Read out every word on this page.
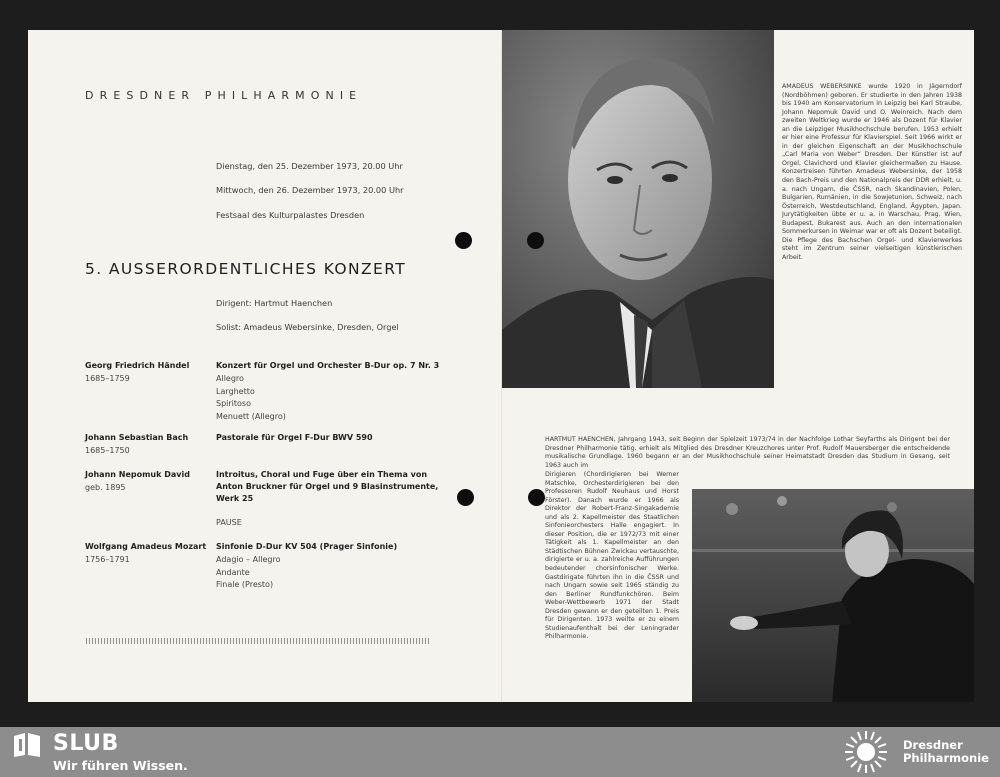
DRESDNER PHILHARMONIE
Dienstag, den 25. Dezember 1973, 20.00 Uhr
Mittwoch, den 26. Dezember 1973, 20.00 Uhr
Festsaal des Kulturpalastes Dresden
5. AUSSERORDENTLICHES KONZERT
Dirigent: Hartmut Haenchen
Solist: Amadeus Webersinke, Dresden, Orgel
Georg Friedrich Händel
1685–1759
Konzert für Orgel und Orchester B-Dur op. 7 Nr. 3
Allegro
Larghetto
Spiritoso
Menuett (Allegro)
Johann Sebastian Bach
1685–1750
Pastorale für Orgel F-Dur BWV 590
Johann Nepomuk David
geb. 1895
Introitus, Choral und Fuge über ein Thema von Anton Bruckner für Orgel und 9 Blasinstrumente, Werk 25
PAUSE
Wolfgang Amadeus Mozart
1756–1791
Sinfonie D-Dur KV 504 (Prager Sinfonie)
Adagio – Allegro
Andante
Finale (Presto)
AMADEUS WEBERSINKE wurde 1920 in Jägerndorf (Nordböhmen) geboren. Er studierte in den Jahren 1938 bis 1940 am Konservatorium in Leipzig bei Karl Straube, Johann Nepomuk David und O. Weinreich. Nach dem zweiten Weltkrieg wurde er 1946 als Dozent für Klavier an die Leipziger Musikhochschule berufen. 1953 erhielt er hier eine Professur für Klavierspiel. Seit 1966 wirkt er in der gleichen Eigenschaft an der Musikhochschule „Carl Maria von Weber“ Dresden. Der Künstler ist auf Orgel, Clavichord und Klavier gleichermaßen zu Hause. Konzertreisen führten Amadeus Webersinke, der 1958 den Bach-Preis und den Nationalpreis der DDR erhielt, u. a. nach Ungarn, die ČSSR, nach Skandinavien, Polen, Bulgarien, Rumänien, in die Sowjetunion, Schweiz, nach Österreich, Westdeutschland, England, Ägypten, Japan. Jurytätigkeiten übte er u. a. in Warschau, Prag, Wien, Budapest, Bukarest aus. Auch an den internationalen Sommerkursen in Weimar war er oft als Dozent beteiligt. Die Pflege des Bachschen Orgel- und Klavierwerkes steht im Zentrum seiner vielseitigen künstlerischen Arbeit.
HARTMUT HAENCHEN, Jahrgang 1943, seit Beginn der Spielzeit 1973/74 in der Nachfolge Lothar Seyfarths als Dirigent bei der Dresdner Philharmonie tätig, erhielt als Mitglied des Dresdner Kreuzchores unter Prof. Rudolf Mauersberger die entscheidende musikalische Grundlage. 1960 begann er an der Musikhochschule seiner Heimatstadt Dresden das Studium in Gesang, seit 1963 auch im
Dirigieren (Chordirigieren bei Werner Matschke, Orchesterdirigieren bei den Professoren Rudolf Neuhaus und Horst Förster). Danach wurde er 1966 als Direktor der Robert-Franz-Singakademie und als 2. Kapellmeister des Staatlichen Sinfonieorchesters Halle engagiert. In dieser Position, die er 1972/73 mit einer Tätigkeit als 1. Kapellmeister an den Städtischen Bühnen Zwickau vertauschte, dirigierte er u. a. zahlreiche Aufführungen bedeutender chorsinfonischer Werke. Gastdirigate führten ihn in die ČSSR und nach Ungarn sowie seit 1965 ständig zu den Berliner Rundfunkchören. Beim Weber-Wettbewerb 1971 der Stadt Dresden gewann er den geteilten 1. Preis für Dirigenten. 1973 weilte er zu einem Studienaufenthalt bei der Leningrader Philharmonie.
SLUB
Wir führen Wissen.
Dresdner
Philharmonie
